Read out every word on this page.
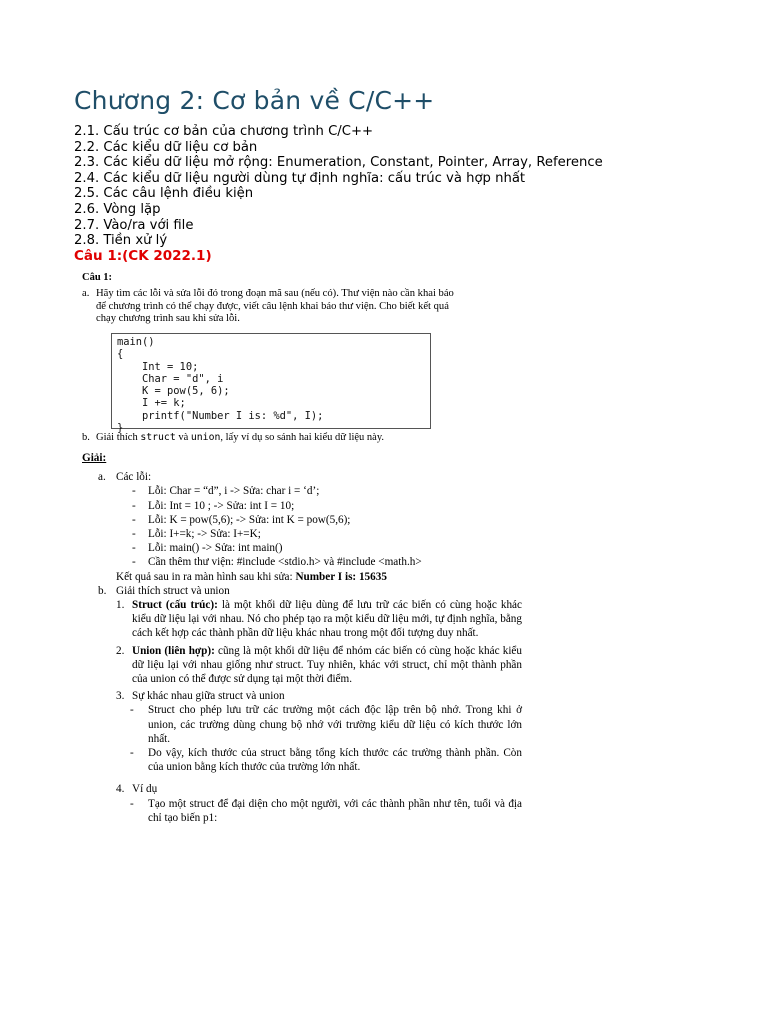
Chương 2: Cơ bản về C/C++
2.1. Cấu trúc cơ bản của chương trình C/C++
2.2. Các kiểu dữ liệu cơ bản
2.3. Các kiểu dữ liệu mở rộng: Enumeration, Constant, Pointer, Array, Reference
2.4. Các kiểu dữ liệu người dùng tự định nghĩa: cấu trúc và hợp nhất
2.5. Các câu lệnh điều kiện
2.6. Vòng lặp
2.7. Vào/ra với file
2.8. Tiền xử lý
Câu 1:(CK 2022.1)
Câu 1:
a. Hãy tìm các lỗi và sửa lỗi đó trong đoạn mã sau (nếu có). Thư viện nào cần khai báo để chương trình có thể chạy được, viết câu lệnh khai báo thư viện. Cho biết kết quả chạy chương trình sau khi sửa lỗi.
main()
{
Int = 10;
Char = "d", i
K = pow(5, 6);
I += k;
printf("Number I is: %d", I);
}
b. Giải thích struct và union, lấy ví dụ so sánh hai kiểu dữ liệu này.
Giải:
a. Các lỗi:
- Lỗi: Char = “d”, i -> Sửa: char i = ‘d’;
- Lỗi: Int = 10 ; -> Sửa: int I = 10;
- Lỗi: K = pow(5,6); -> Sửa: int K = pow(5,6);
- Lỗi: I+=k; -> Sửa: I+=K;
- Lỗi: main() -> Sửa: int main()
- Cần thêm thư viện: #include <stdio.h> và #include <math.h>
Kết quả sau in ra màn hình sau khi sửa: Number I is: 15635
b. Giải thích struct và union
1. Struct (cấu trúc): là một khối dữ liệu dùng để lưu trữ các biến có cùng hoặc khác kiểu dữ liệu lại với nhau. Nó cho phép tạo ra một kiểu dữ liệu mới, tự định nghĩa, bằng cách kết hợp các thành phần dữ liệu khác nhau trong một đối tượng duy nhất.

2. Union (liên hợp): cũng là một khối dữ liệu để nhóm các biến có cùng hoặc khác kiểu dữ liệu lại với nhau giống như struct. Tuy nhiên, khác với struct, chỉ một thành phần của union có thể được sử dụng tại một thời điểm.

3. Sự khác nhau giữa struct và union
- Struct cho phép lưu trữ các trường một cách độc lập trên bộ nhớ. Trong khi ở union, các trường dùng chung bộ nhớ với trường kiểu dữ liệu có kích thước lớn nhất.

- Do vậy, kích thước của struct bằng tổng kích thước các trường thành phần. Còn của union bằng kích thước của trường lớn nhất.

4. Ví dụ
- Tạo một struct để đại diện cho một người, với các thành phần như tên, tuổi và địa chỉ tạo biến p1:
